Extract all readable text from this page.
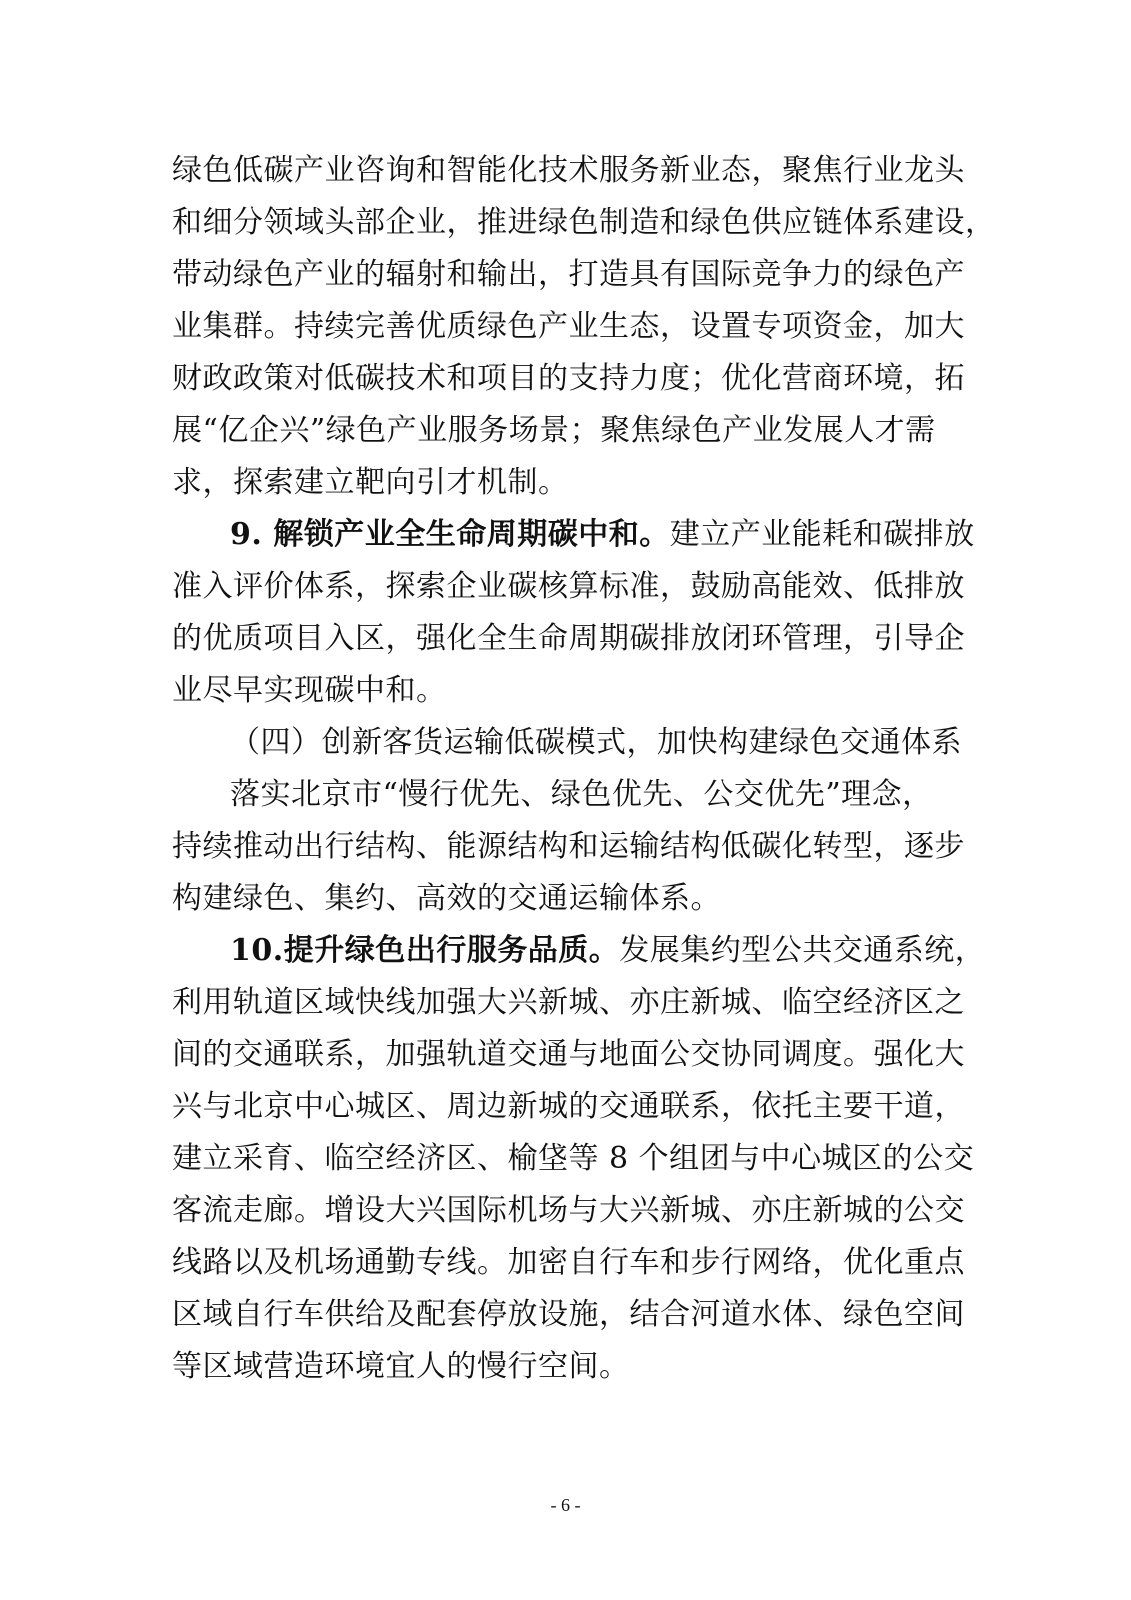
绿色低碳产业咨询和智能化技术服务新业态，聚焦行业龙头
和细分领域头部企业，推进绿色制造和绿色供应链体系建设，
带动绿色产业的辐射和输出，打造具有国际竞争力的绿色产
业集群。持续完善优质绿色产业生态，设置专项资金，加大
财政政策对低碳技术和项目的支持力度；优化营商环境，拓
展“亿企兴”绿色产业服务场景；聚焦绿色产业发展人才需
求，探索建立靶向引才机制。
9. 解锁产业全生命周期碳中和。建立产业能耗和碳排放
准入评价体系，探索企业碳核算标准，鼓励高能效、低排放
的优质项目入区，强化全生命周期碳排放闭环管理，引导企
业尽早实现碳中和。
（四）创新客货运输低碳模式，加快构建绿色交通体系
落实北京市“慢行优先、绿色优先、公交优先”理念，
持续推动出行结构、能源结构和运输结构低碳化转型，逐步
构建绿色、集约、高效的交通运输体系。
10.提升绿色出行服务品质。发展集约型公共交通系统，
利用轨道区域快线加强大兴新城、亦庄新城、临空经济区之
间的交通联系，加强轨道交通与地面公交协同调度。强化大
兴与北京中心城区、周边新城的交通联系，依托主要干道，
建立采育、临空经济区、榆垡等 8 个组团与中心城区的公交
客流走廊。增设大兴国际机场与大兴新城、亦庄新城的公交
线路以及机场通勤专线。加密自行车和步行网络，优化重点
区域自行车供给及配套停放设施，结合河道水体、绿色空间
等区域营造环境宜人的慢行空间。
- 6 -
